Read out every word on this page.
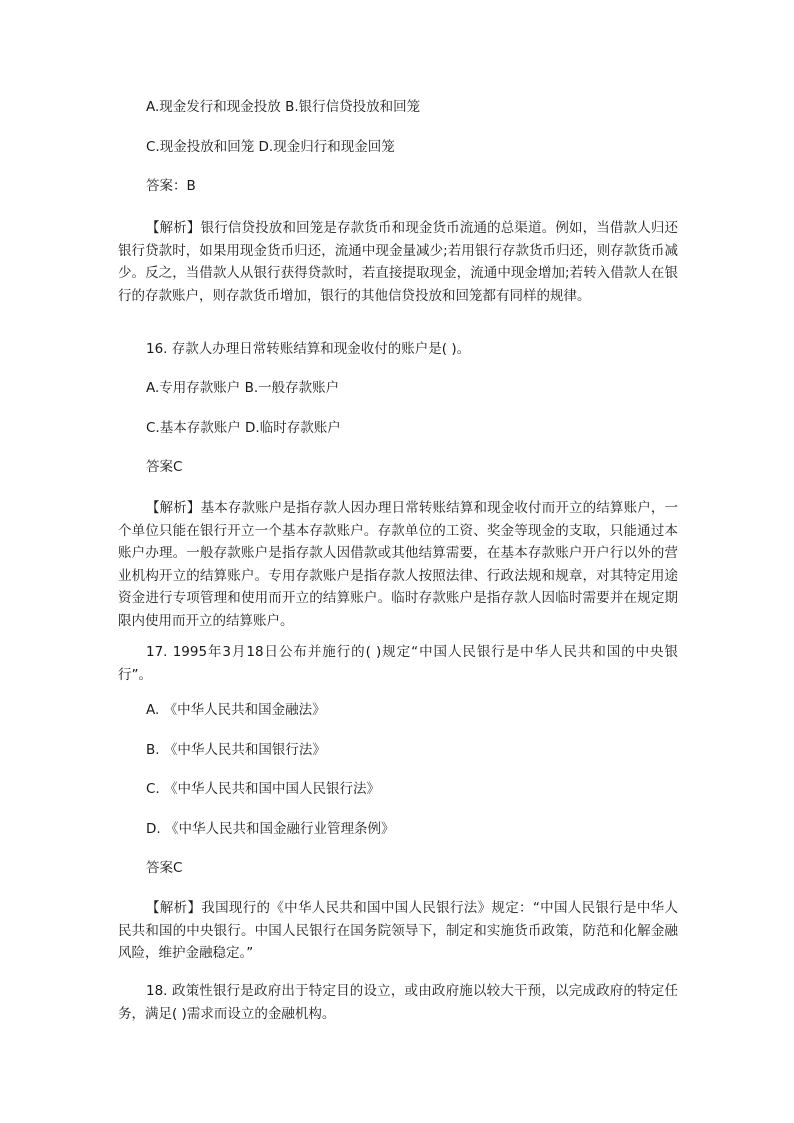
A.现金发行和现金投放 B.银行信贷投放和回笼
C.现金投放和回笼 D.现金归行和现金回笼
答案：B
【解析】银行信贷投放和回笼是存款货币和现金货币流通的总渠道。例如，当借款人归还银行贷款时，如果用现金货币归还，流通中现金量减少;若用银行存款货币归还，则存款货币减少。反之，当借款人从银行获得贷款时，若直接提取现金，流通中现金增加;若转入借款人在银行的存款账户，则存款货币增加，银行的其他信贷投放和回笼都有同样的规律。
16. 存款人办理日常转账结算和现金收付的账户是( )。
A.专用存款账户 B.一般存款账户
C.基本存款账户 D.临时存款账户
答案C
【解析】基本存款账户是指存款人因办理日常转账结算和现金收付而开立的结算账户，一个单位只能在银行开立一个基本存款账户。存款单位的工资、奖金等现金的支取，只能通过本账户办理。一般存款账户是指存款人因借款或其他结算需要，在基本存款账户开户行以外的营业机构开立的结算账户。专用存款账户是指存款人按照法律、行政法规和规章，对其特定用途资金进行专项管理和使用而开立的结算账户。临时存款账户是指存款人因临时需要并在规定期限内使用而开立的结算账户。
17. 1995年3月18日公布并施行的( )规定“中国人民银行是中华人民共和国的中央银行”。
A. 《中华人民共和国金融法》
B. 《中华人民共和国银行法》
C. 《中华人民共和国中国人民银行法》
D. 《中华人民共和国金融行业管理条例》
答案C
【解析】我国现行的《中华人民共和国中国人民银行法》规定：“中国人民银行是中华人民共和国的中央银行。中国人民银行在国务院领导下，制定和实施货币政策，防范和化解金融风险，维护金融稳定。”
18. 政策性银行是政府出于特定目的设立，或由政府施以较大干预，以完成政府的特定任务，满足( )需求而设立的金融机构。
